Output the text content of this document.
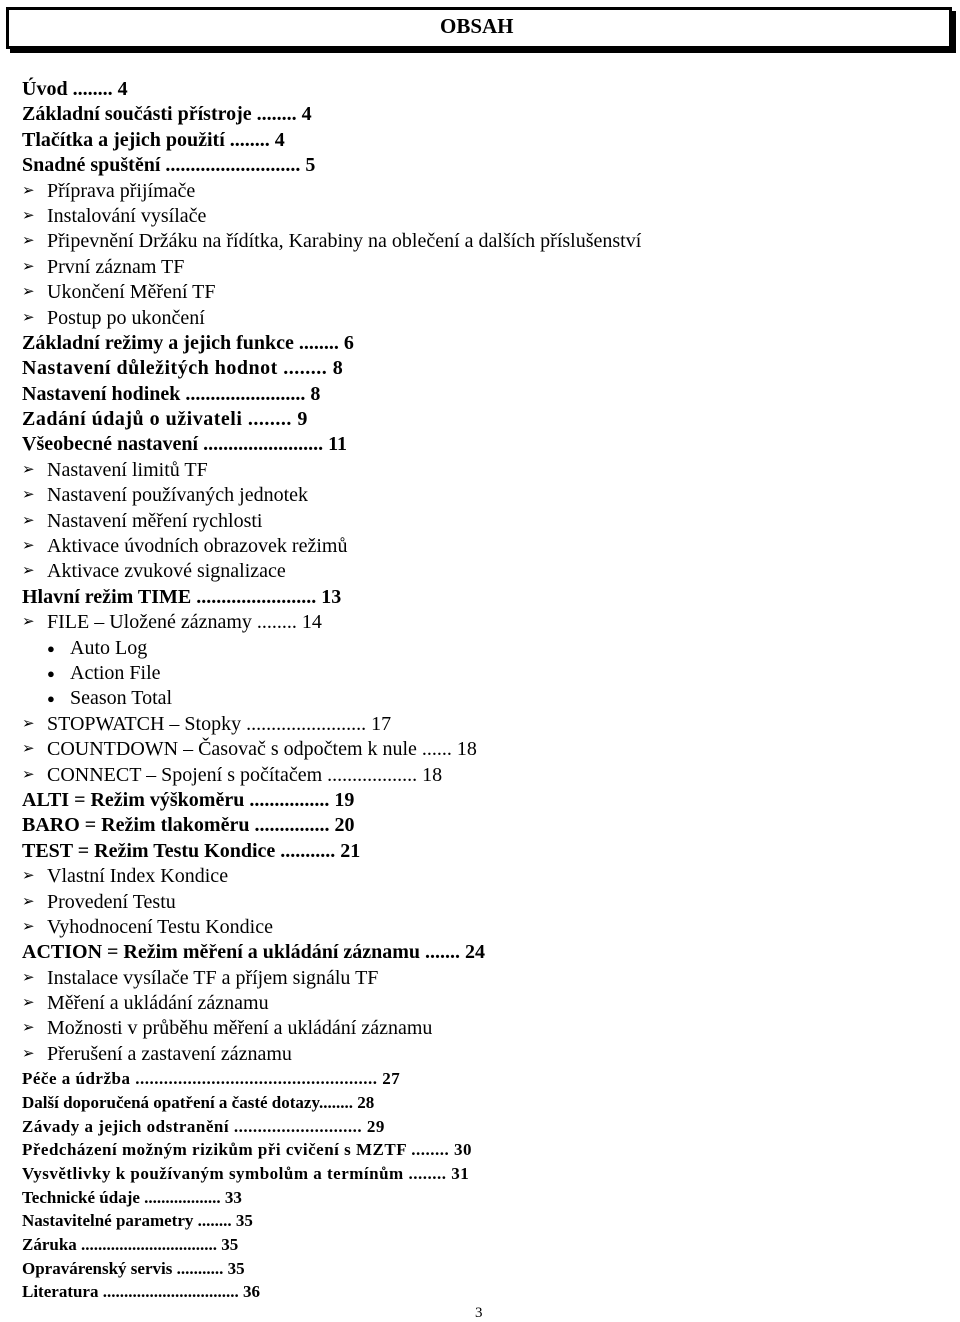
OBSAH
Úvod ........ 4
Základní součásti přístroje ........ 4
Tlačítka a jejich použití ........ 4
Snadné spuštění ........................... 5
➢ Příprava přijímače
➢ Instalování vysílače
➢ Připevnění Držáku na řídítka, Karabiny na oblečení a dalších příslušenství
➢ První záznam TF
➢ Ukončení Měření TF
➢ Postup po ukončení
Základní režimy a jejich funkce ........ 6
Nastavení důležitých hodnot ........ 8
Nastavení hodinek ........................ 8
Zadání údajů o uživateli ........ 9
Všeobecné nastavení ........................ 11
➢ Nastavení limitů TF
➢ Nastavení používaných jednotek
➢ Nastavení měření rychlosti
➢ Aktivace úvodních obrazovek režimů
➢ Aktivace zvukové signalizace
Hlavní režim TIME ........................ 13
➢ FILE – Uložené záznamy ........ 14
● Auto Log
● Action File
● Season Total
➢ STOPWATCH – Stopky ........................ 17
➢ COUNTDOWN – Časovač s odpočtem k nule ...... 18
➢ CONNECT – Spojení s počítačem .................. 18
ALTI = Režim výškoměru ................ 19
BARO = Režim tlakoměru ............... 20
TEST = Režim Testu Kondice ........... 21
➢ Vlastní Index Kondice
➢ Provedení Testu
➢ Vyhodnocení Testu Kondice
ACTION = Režim měření a ukládání záznamu ....... 24
➢ Instalace vysílače TF a příjem signálu TF
➢ Měření a ukládání záznamu
➢ Možnosti v průběhu měření a ukládání záznamu
➢ Přerušení a zastavení záznamu
Péče a údržba ................................................... 27
Další doporučená opatření a časté dotazy........ 28
Závady a jejich odstranění ........................... 29
Předcházení možným rizikům při cvičení s MZTF ........ 30
Vysvětlivky k používaným symbolům a termínům ........ 31
Technické údaje .................. 33
Nastavitelné parametry ........ 35
Záruka ................................ 35
Opravárenský servis ........... 35
Literatura ................................ 36
3
